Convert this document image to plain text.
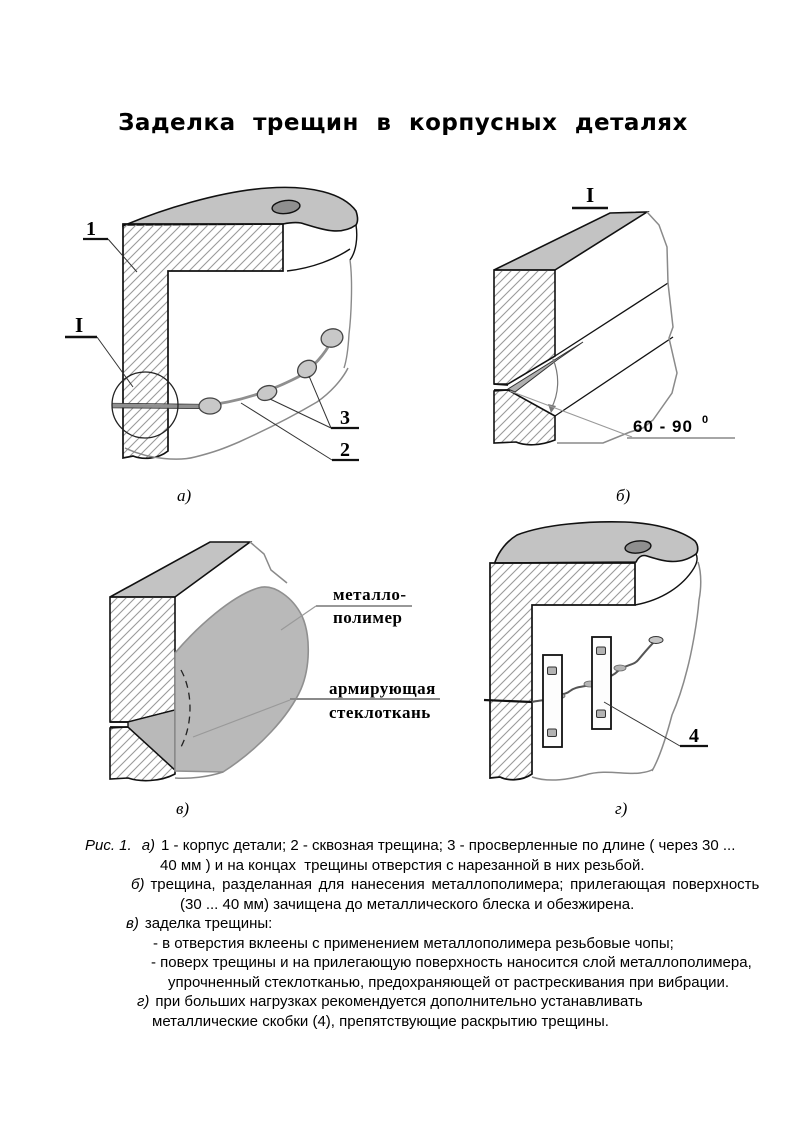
Заделка трещин в корпусных деталях
I
1
3
2
а)
I
60 - 90 0
б)
металло-
полимер
армирующая
стеклоткань
в)
4
г)
Рис. 1. а) 1 - корпус детали; 2 - сквозная трещина; 3 - просверленные по длине ( через 30 ...
40 мм ) и на концах  трещины отверстия с нарезанной в них резьбой.
б) трещина, разделанная для нанесения металлополимера; прилегающая поверхность
(30 ... 40 мм) зачищена до металлического блеска и обезжирена.
в) заделка трещины:
- в отверстия вклеены с применением металлополимера резьбовые чопы;
- поверх трещины и на прилегающую поверхность наносится слой металлополимера,
упрочненный стеклотканью, предохраняющей от растрескивания при вибрации.
г) при больших нагрузках рекомендуется дополнительно устанавливать
металлические скобки (4), препятствующие раскрытию трещины.
